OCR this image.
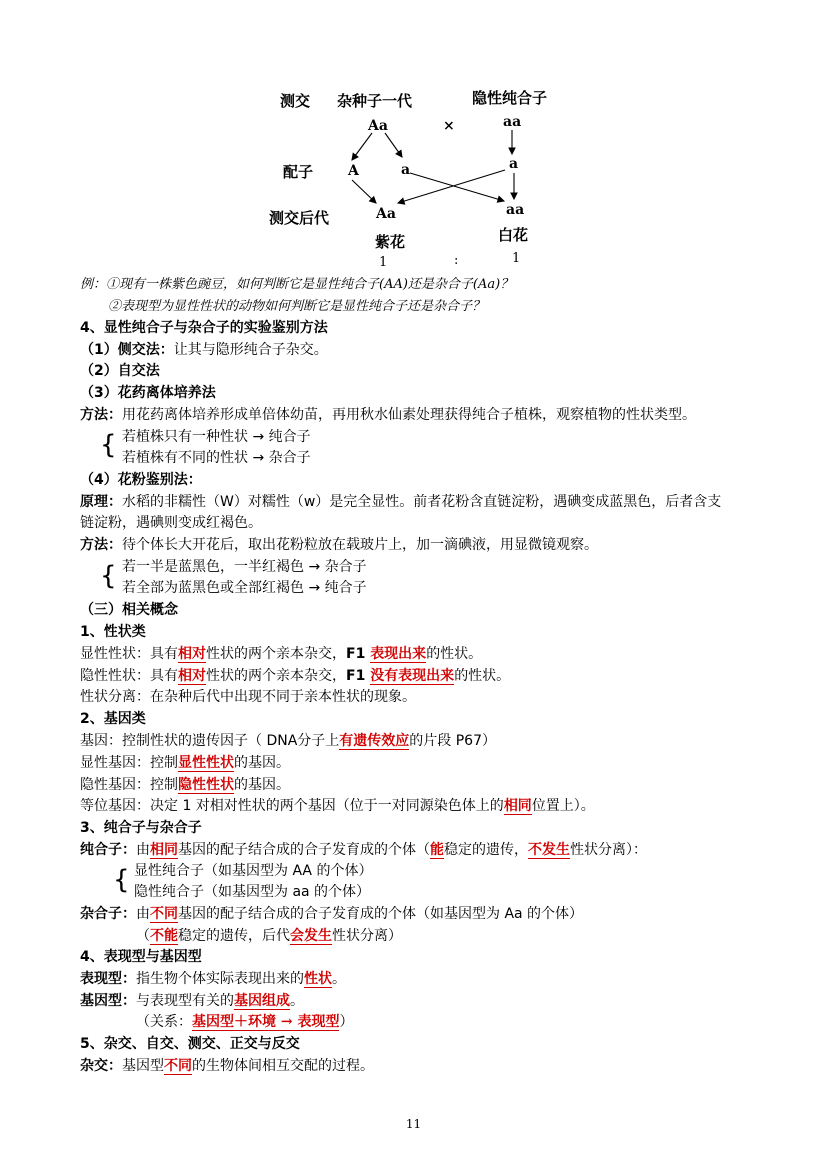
测交 杂种子一代	隐性纯合子
Aa	×	aa
配子 A	a	a
测交后代	Aa	aa
紫花	白花
1	:	1
例：①现有一株紫色豌豆，如何判断它是显性纯合子(AA)还是杂合子(Aa)？
②表现型为显性性状的动物如何判断它是显性纯合子还是杂合子？
4、显性纯合子与杂合子的实验鉴别方法
（1）侧交法：让其与隐形纯合子杂交。
（2）自交法
（3）花药离体培养法
方法：用花药离体培养形成单倍体幼苗，再用秋水仙素处理获得纯合子植株，观察植物的性状类型。
{ 若植株只有一种性状 → 纯合子
若植株有不同的性状 → 杂合子
（4）花粉鉴别法：
原理：水稻的非糯性（W）对糯性（w）是完全显性。前者花粉含直链淀粉，遇碘变成蓝黑色，后者含支
链淀粉，遇碘则变成红褐色。
方法：待个体长大开花后，取出花粉粒放在载玻片上，加一滴碘液，用显微镜观察。
{ 若一半是蓝黑色，一半红褐色 → 杂合子
若全部为蓝黑色或全部红褐色 → 纯合子
（三）相关概念
1、性状类
显性性状：具有相对性状的两个亲本杂交，F1 表现出来的性状。
隐性性状：具有相对性状的两个亲本杂交，F1 没有表现出来的性状。
性状分离：在杂种后代中出现不同于亲本性状的现象。
2、基因类
基因：控制性状的遗传因子（ DNA分子上有遗传效应的片段 P67）
显性基因：控制显性性状的基因。
隐性基因：控制隐性性状的基因。
等位基因：决定 1 对相对性状的两个基因（位于一对同源染色体上的相同位置上）。
3、纯合子与杂合子
纯合子：由相同基因的配子结合成的合子发育成的个体（能稳定的遗传，不发生性状分离）：
{ 显性纯合子（如基因型为 AA 的个体）
隐性纯合子（如基因型为 aa 的个体）
杂合子：由不同基因的配子结合成的合子发育成的个体（如基因型为 Aa 的个体）
（不能稳定的遗传，后代会发生性状分离）
4、表现型与基因型
表现型：指生物个体实际表现出来的性状。
基因型：与表现型有关的基因组成。
（关系：基因型＋环境 → 表现型）
5、杂交、自交、测交、正交与反交
杂交：基因型不同的生物体间相互交配的过程。
11
